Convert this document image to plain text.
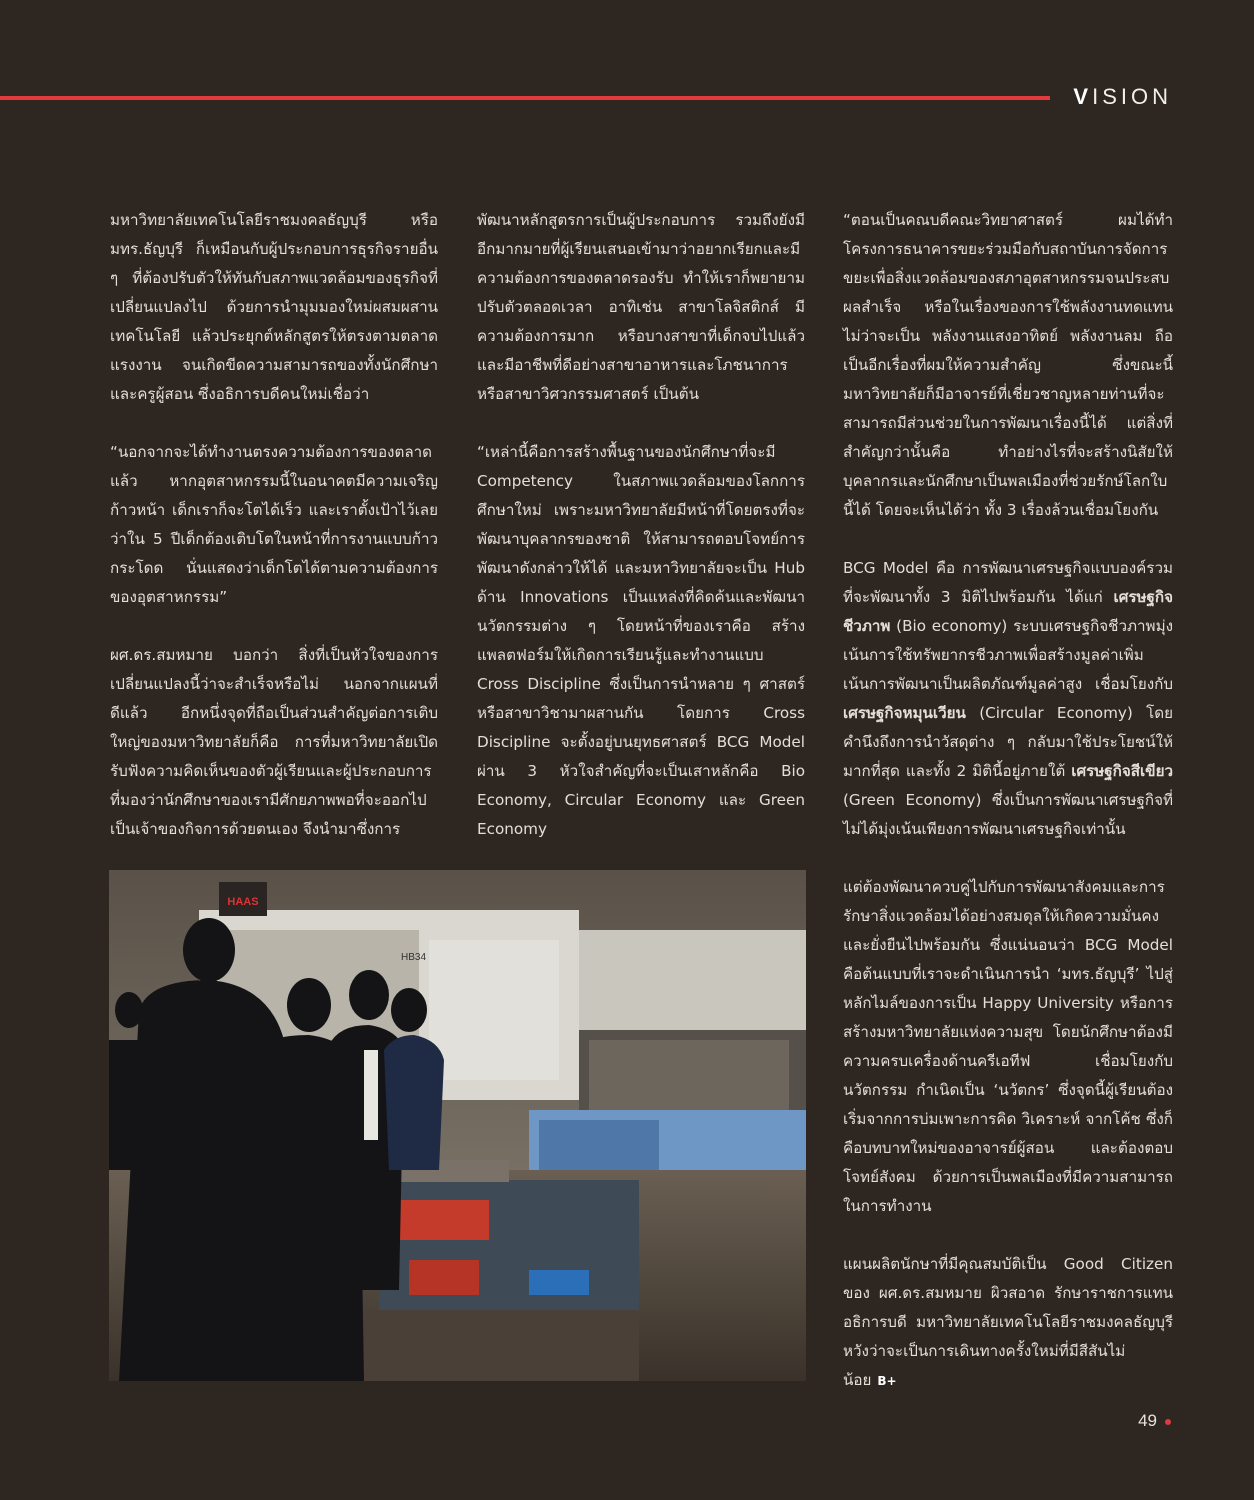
VISION

มหาวิทยาลัยเทคโนโลยีราชมงคลธัญบุรี หรือ มทร.ธัญบุรี ก็เหมือนกับผู้ประกอบการธุรกิจรายอื่น ๆ ที่ต้องปรับตัวให้ทันกับสภาพแวดล้อมของธุรกิจที่เปลี่ยนแปลงไป ด้วยการนำมุมมองใหม่ผสมผสานเทคโนโลยี แล้วประยุกต์หลักสูตรให้ตรงตามตลาดแรงงาน จนเกิดขีดความสามารถของทั้งนักศึกษาและครูผู้สอน ซึ่งอธิการบดีคนใหม่เชื่อว่า

“นอกจากจะได้ทำงานตรงความต้องการของตลาดแล้ว หากอุตสาหกรรมนี้ในอนาคตมีความเจริญก้าวหน้า เด็กเราก็จะโตได้เร็ว และเราตั้งเป้าไว้เลยว่าใน 5 ปีเด็กต้องเติบโตในหน้าที่การงานแบบก้าวกระโดด นั่นแสดงว่าเด็กโตได้ตามความต้องการของอุตสาหกรรม”

ผศ.ดร.สมหมาย บอกว่า สิ่งที่เป็นหัวใจของการเปลี่ยนแปลงนี้ว่าจะสำเร็จหรือไม่ นอกจากแผนที่ดีแล้ว อีกหนึ่งจุดที่ถือเป็นส่วนสำคัญต่อการเติบใหญ่ของมหาวิทยาลัยก็คือ การที่มหาวิทยาลัยเปิดรับฟังความคิดเห็นของตัวผู้เรียนและผู้ประกอบการที่มองว่านักศึกษาของเรามีศักยภาพพอที่จะออกไปเป็นเจ้าของกิจการด้วยตนเอง จึงนำมาซึ่งการ

พัฒนาหลักสูตรการเป็นผู้ประกอบการ รวมถึงยังมีอีกมากมายที่ผู้เรียนเสนอเข้ามาว่าอยากเรียกและมีความต้องการของตลาดรองรับ ทำให้เราก็พยายามปรับตัวตลอดเวลา อาทิเช่น สาขาโลจิสติกส์ มีความต้องการมาก หรือบางสาขาที่เด็กจบไปแล้วและมีอาชีพที่ดีอย่างสาขาอาหารและโภชนาการ หรือสาขาวิศวกรรมศาสตร์ เป็นต้น

“เหล่านี้คือการสร้างพื้นฐานของนักศึกษาที่จะมี Competency ในสภาพแวดล้อมของโลกการศึกษาใหม่ เพราะมหาวิทยาลัยมีหน้าที่โดยตรงที่จะพัฒนาบุคลากรของชาติ ให้สามารถตอบโจทย์การพัฒนาดังกล่าวให้ได้ และมหาวิทยาลัยจะเป็น Hub ด้าน Innovations เป็นแหล่งที่คิดค้นและพัฒนานวัตกรรมต่าง ๆ โดยหน้าที่ของเราคือ สร้างแพลตฟอร์มให้เกิดการเรียนรู้และทำงานแบบ Cross Discipline ซึ่งเป็นการนำหลาย ๆ ศาสตร์หรือสาขาวิชามาผสานกัน โดยการ Cross Discipline จะตั้งอยู่บนยุทธศาสตร์ BCG Model ผ่าน 3 หัวใจสำคัญที่จะเป็นเสาหลักคือ Bio Economy, Circular Economy และ Green Economy

“ตอนเป็นคณบดีคณะวิทยาศาสตร์ ผมได้ทำโครงการธนาคารขยะร่วมมือกับสถาบันการจัดการขยะเพื่อสิ่งแวดล้อมของสภาอุตสาหกรรมจนประสบผลสำเร็จ หรือในเรื่องของการใช้พลังงานทดแทน ไม่ว่าจะเป็น พลังงานแสงอาทิตย์ พลังงานลม ถือเป็นอีกเรื่องที่ผมให้ความสำคัญ ซึ่งขณะนี้มหาวิทยาลัยก็มีอาจารย์ที่เชี่ยวชาญหลายท่านที่จะสามารถมีส่วนช่วยในการพัฒนาเรื่องนี้ได้ แต่สิ่งที่สำคัญกว่านั้นคือ ทำอย่างไรที่จะสร้างนิสัยให้บุคลากรและนักศึกษาเป็นพลเมืองที่ช่วยรักษ์โลกใบนี้ได้ โดยจะเห็นได้ว่า ทั้ง 3 เรื่องล้วนเชื่อมโยงกัน

BCG Model คือ การพัฒนาเศรษฐกิจแบบองค์รวมที่จะพัฒนาทั้ง 3 มิติไปพร้อมกัน ได้แก่ เศรษฐกิจชีวภาพ (Bio economy) ระบบเศรษฐกิจชีวภาพมุ่งเน้นการใช้ทรัพยากรชีวภาพเพื่อสร้างมูลค่าเพิ่ม เน้นการพัฒนาเป็นผลิตภัณฑ์มูลค่าสูง เชื่อมโยงกับ เศรษฐกิจหมุนเวียน (Circular Economy) โดยคำนึงถึงการนำวัสดุต่าง ๆ กลับมาใช้ประโยชน์ให้มากที่สุด และทั้ง 2 มิตินี้อยู่ภายใต้ เศรษฐกิจสีเขียว (Green Economy) ซึ่งเป็นการพัฒนาเศรษฐกิจที่ไม่ได้มุ่งเน้นเพียงการพัฒนาเศรษฐกิจเท่านั้น

แต่ต้องพัฒนาควบคู่ไปกับการพัฒนาสังคมและการรักษาสิ่งแวดล้อมได้อย่างสมดุลให้เกิดความมั่นคงและยั่งยืนไปพร้อมกัน ซึ่งแน่นอนว่า BCG Model คือต้นแบบที่เราจะดำเนินการนำ ‘มทร.ธัญบุรี’ ไปสู่หลักไมล์ของการเป็น Happy University หรือการสร้างมหาวิทยาลัยแห่งความสุข โดยนักศึกษาต้องมีความครบเครื่องด้านครีเอทีฟ เชื่อมโยงกับนวัตกรรม กำเนิดเป็น ‘นวัตกร’ ซึ่งจุดนี้ผู้เรียนต้องเริ่มจากการบ่มเพาะการคิด วิเคราะห์ จากโค้ช ซึ่งก็คือบทบาทใหม่ของอาจารย์ผู้สอน และต้องตอบโจทย์สังคม ด้วยการเป็นพลเมืองที่มีความสามารถในการทำงาน

แผนผลิตนักษาที่มีคุณสมบัติเป็น Good Citizen ของ ผศ.ดร.สมหมาย ผิวสอาด รักษาราชการแทนอธิการบดี มหาวิทยาลัยเทคโนโลยีราชมงคลธัญบุรี หวังว่าจะเป็นการเดินทางครั้งใหม่ที่มีสีสันไม่น้อย B+

HAAS
HB34
49
